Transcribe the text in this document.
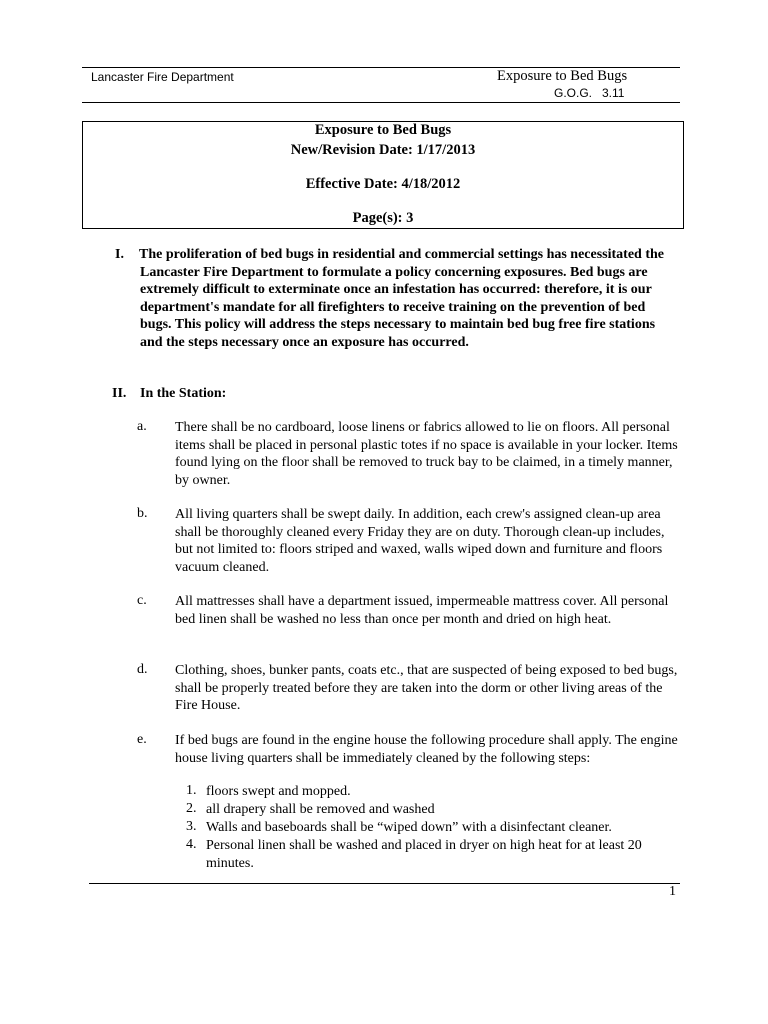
Lancaster Fire Department	Exposure to Bed Bugs
G.O.G.   3.11
Exposure to Bed Bugs
New/Revision Date: 1/17/2013
Effective Date: 4/18/2012
Page(s): 3
I. The proliferation of bed bugs in residential and commercial settings has necessitated the Lancaster Fire Department to formulate a policy concerning exposures. Bed bugs are extremely difficult to exterminate once an infestation has occurred: therefore, it is our department's mandate for all firefighters to receive training on the prevention of bed bugs. This policy will address the steps necessary to maintain bed bug free fire stations and the steps necessary once an exposure has occurred.
II. In the Station:
a. There shall be no cardboard, loose linens or fabrics allowed to lie on floors. All personal items shall be placed in personal plastic totes if no space is available in your locker. Items found lying on the floor shall be removed to truck bay to be claimed, in a timely manner, by owner.
b. All living quarters shall be swept daily. In addition, each crew's assigned clean-up area shall be thoroughly cleaned every Friday they are on duty. Thorough clean-up includes, but not limited to: floors striped and waxed, walls wiped down and furniture and floors vacuum cleaned.
c. All mattresses shall have a department issued, impermeable mattress cover. All personal bed linen shall be washed no less than once per month and dried on high heat.
d. Clothing, shoes, bunker pants, coats etc., that are suspected of being exposed to bed bugs, shall be properly treated before they are taken into the dorm or other living areas of the Fire House.
e. If bed bugs are found in the engine house the following procedure shall apply. The engine house living quarters shall be immediately cleaned by the following steps:
1. floors swept and mopped.
2. all drapery shall be removed and washed
3. Walls and baseboards shall be “wiped down” with a disinfectant cleaner.
4. Personal linen shall be washed and placed in dryer on high heat for at least 20 minutes.
1
